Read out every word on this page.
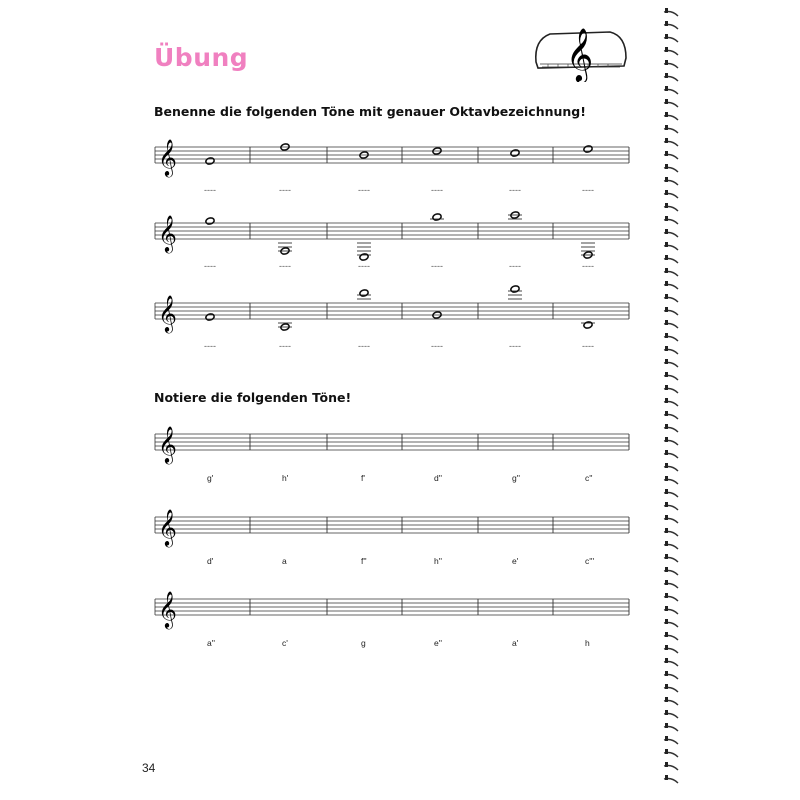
Übung	𝄞
Benenne die folgenden Töne mit genauer Oktavbezeichnung!
Notiere die folgenden Töne!
𝄞
----	----	----	----	----	----
𝄞
----	----	----	----	----	----
𝄞
----	----	----	----	----	----
𝄞
g'	h'	f'	d''	g''	c''
𝄞
d'	a	f''	h''	e'	c'''
𝄞
a''	c'	g	e''	a'	h
34
